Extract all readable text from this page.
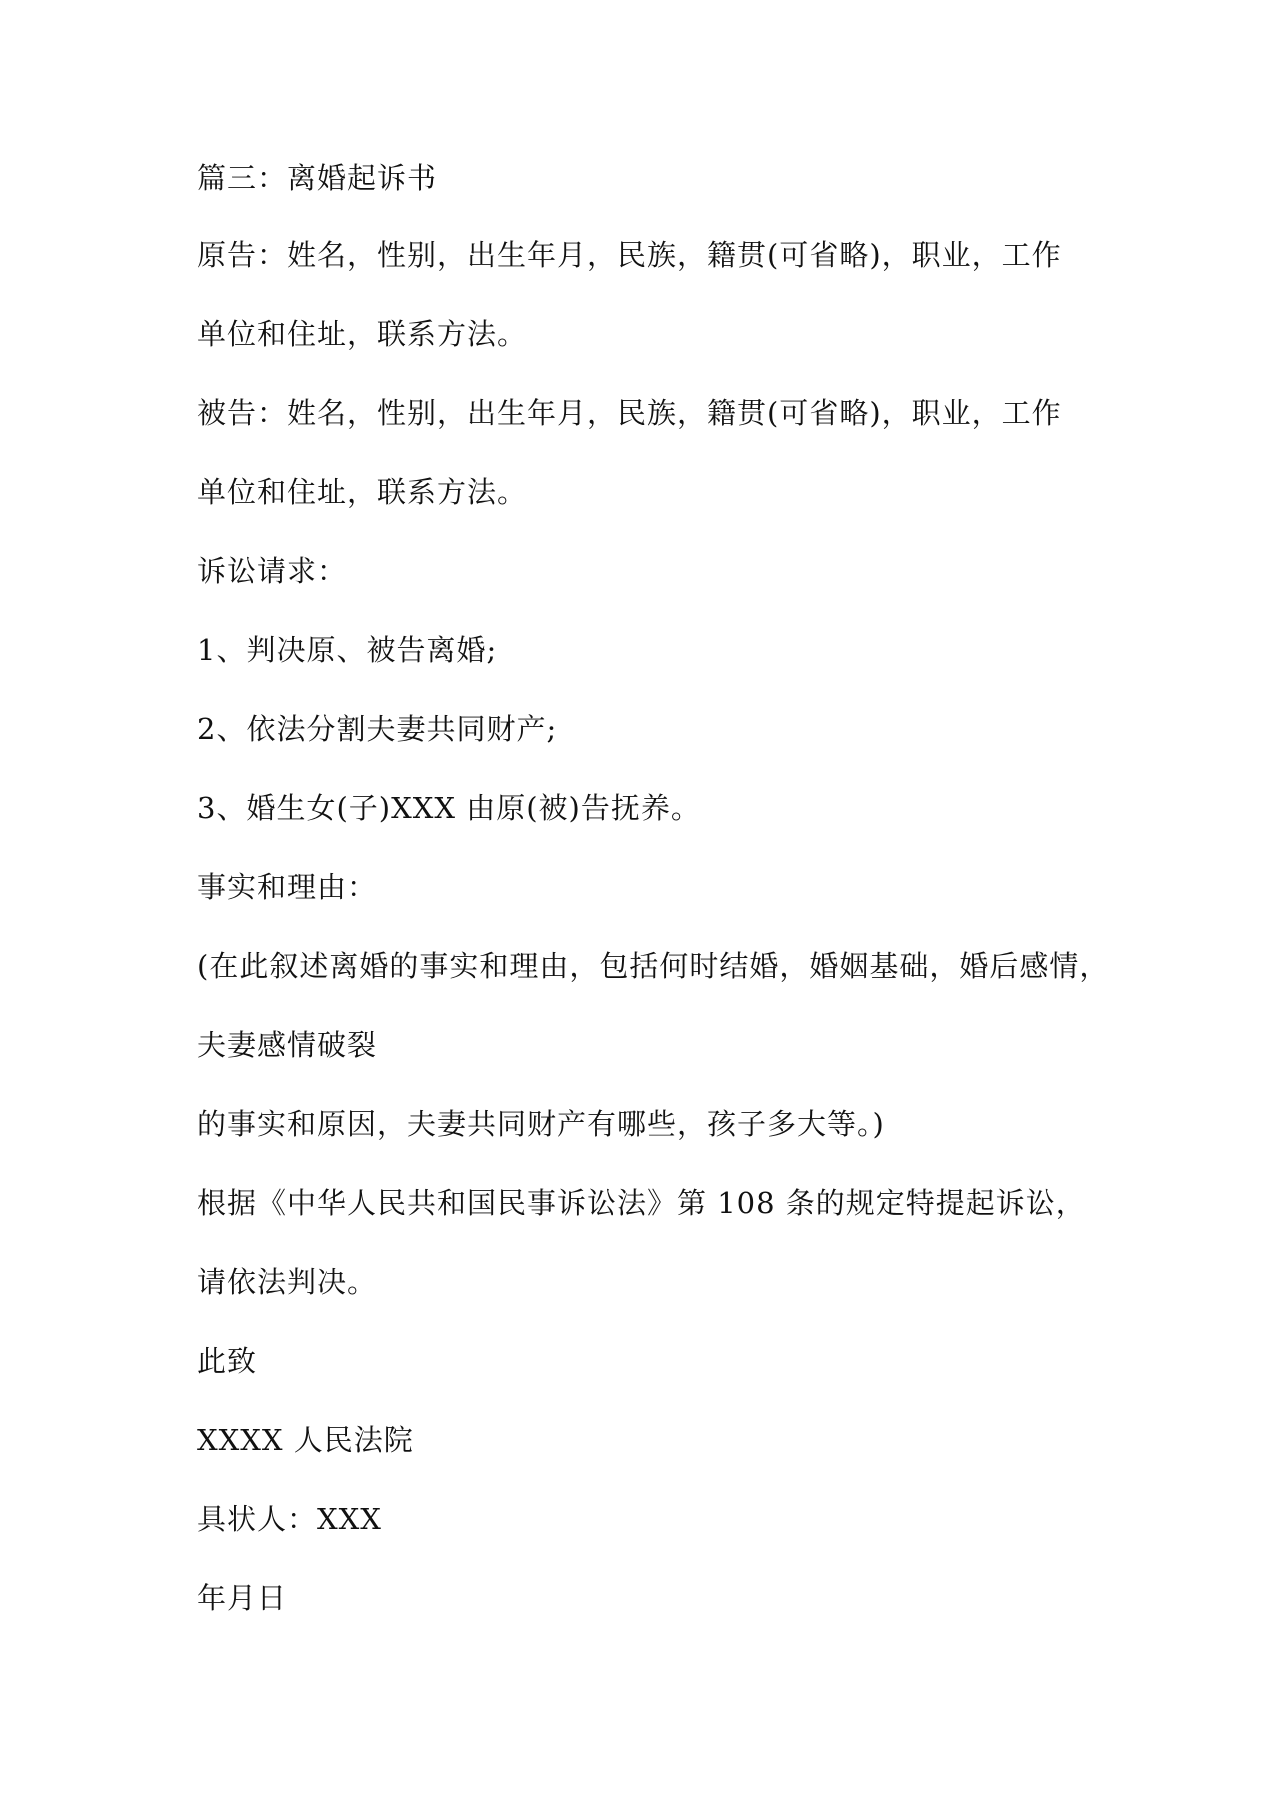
篇三：离婚起诉书

原告：姓名，性别，出生年月，民族，籍贯(可省略)，职业，工作

单位和住址，联系方法。

被告：姓名，性别，出生年月，民族，籍贯(可省略)，职业，工作

单位和住址，联系方法。

诉讼请求：

1、判决原、被告离婚;

2、依法分割夫妻共同财产;

3、婚生女(子)XXX 由原(被)告抚养。

事实和理由：

(在此叙述离婚的事实和理由，包括何时结婚，婚姻基础，婚后感情，

夫妻感情破裂

的事实和原因，夫妻共同财产有哪些，孩子多大等。)

根据《中华人民共和国民事诉讼法》第 108 条的规定特提起诉讼，

请依法判决。

此致

XXXX 人民法院

具状人：XXX

年月日
